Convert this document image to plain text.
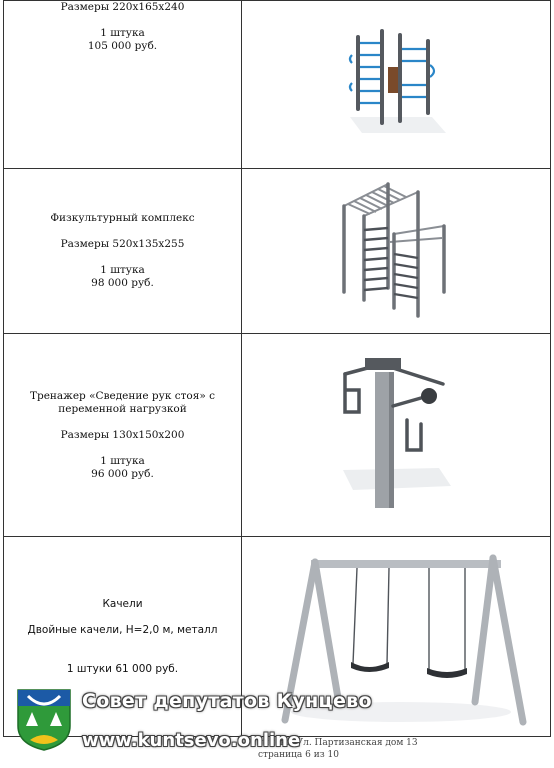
Размеры 220х165х240
1 штука
105 000 руб.

Физкультурный комплекс
Размеры 520х135х255
1 штука
98 000 руб.

Тренажер «Сведение рук стоя» с переменной нагрузкой
Размеры 130х150х200
1 штука
96 000 руб.

Качели
Двойные качели, Н=2,0 м, металл
1 штуки 61 000 руб.

унцево, Ул. Партизанская дом 13
страница 6 из 10
Совет депутатов Кунцево
www.kuntsevo.online
